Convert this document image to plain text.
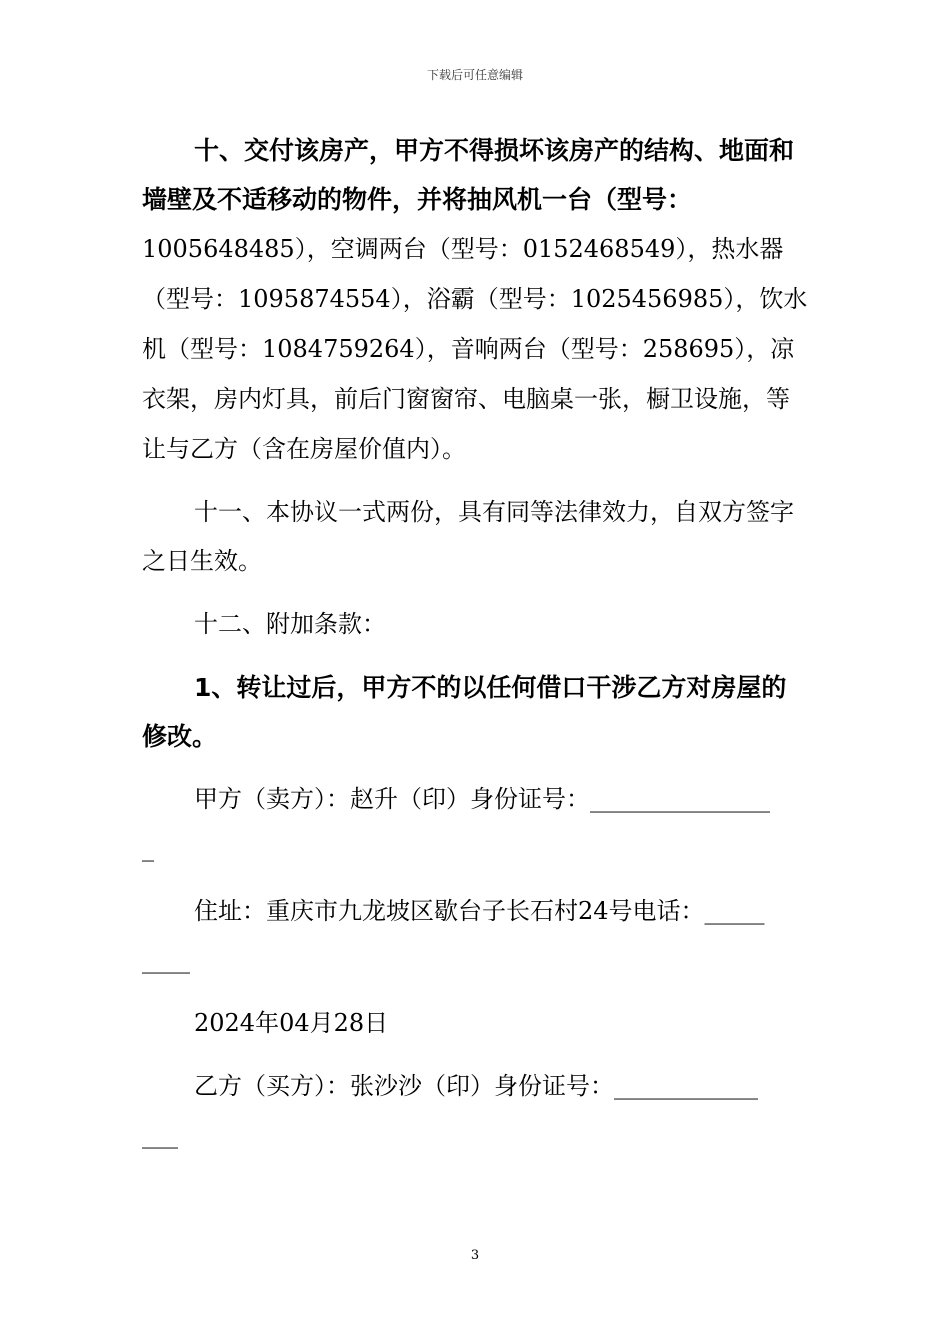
下载后可任意编辑

十、交付该房产，甲方不得损坏该房产的结构、地面和墙壁及不适移动的物件，并将抽风机一台（型号：1005648485），空调两台（型号：0152468549），热水器（型号：1095874554），浴霸（型号：1025456985），饮水机（型号：1084759264），音响两台（型号：258695），凉衣架，房内灯具，前后门窗窗帘、电脑桌一张，橱卫设施，等让与乙方（含在房屋价值内）。

十一、本协议一式两份，具有同等法律效力，自双方签字之日生效。

十二、附加条款：

1、转让过后，甲方不的以任何借口干涉乙方对房屋的修改。

甲方（卖方）：赵升（印）身份证号：_______________

_

住址：重庆市九龙坡区歇台子长石村24号电话：_____

____

2024年04月28日

乙方（买方）：张沙沙（印）身份证号：____________

___

3
